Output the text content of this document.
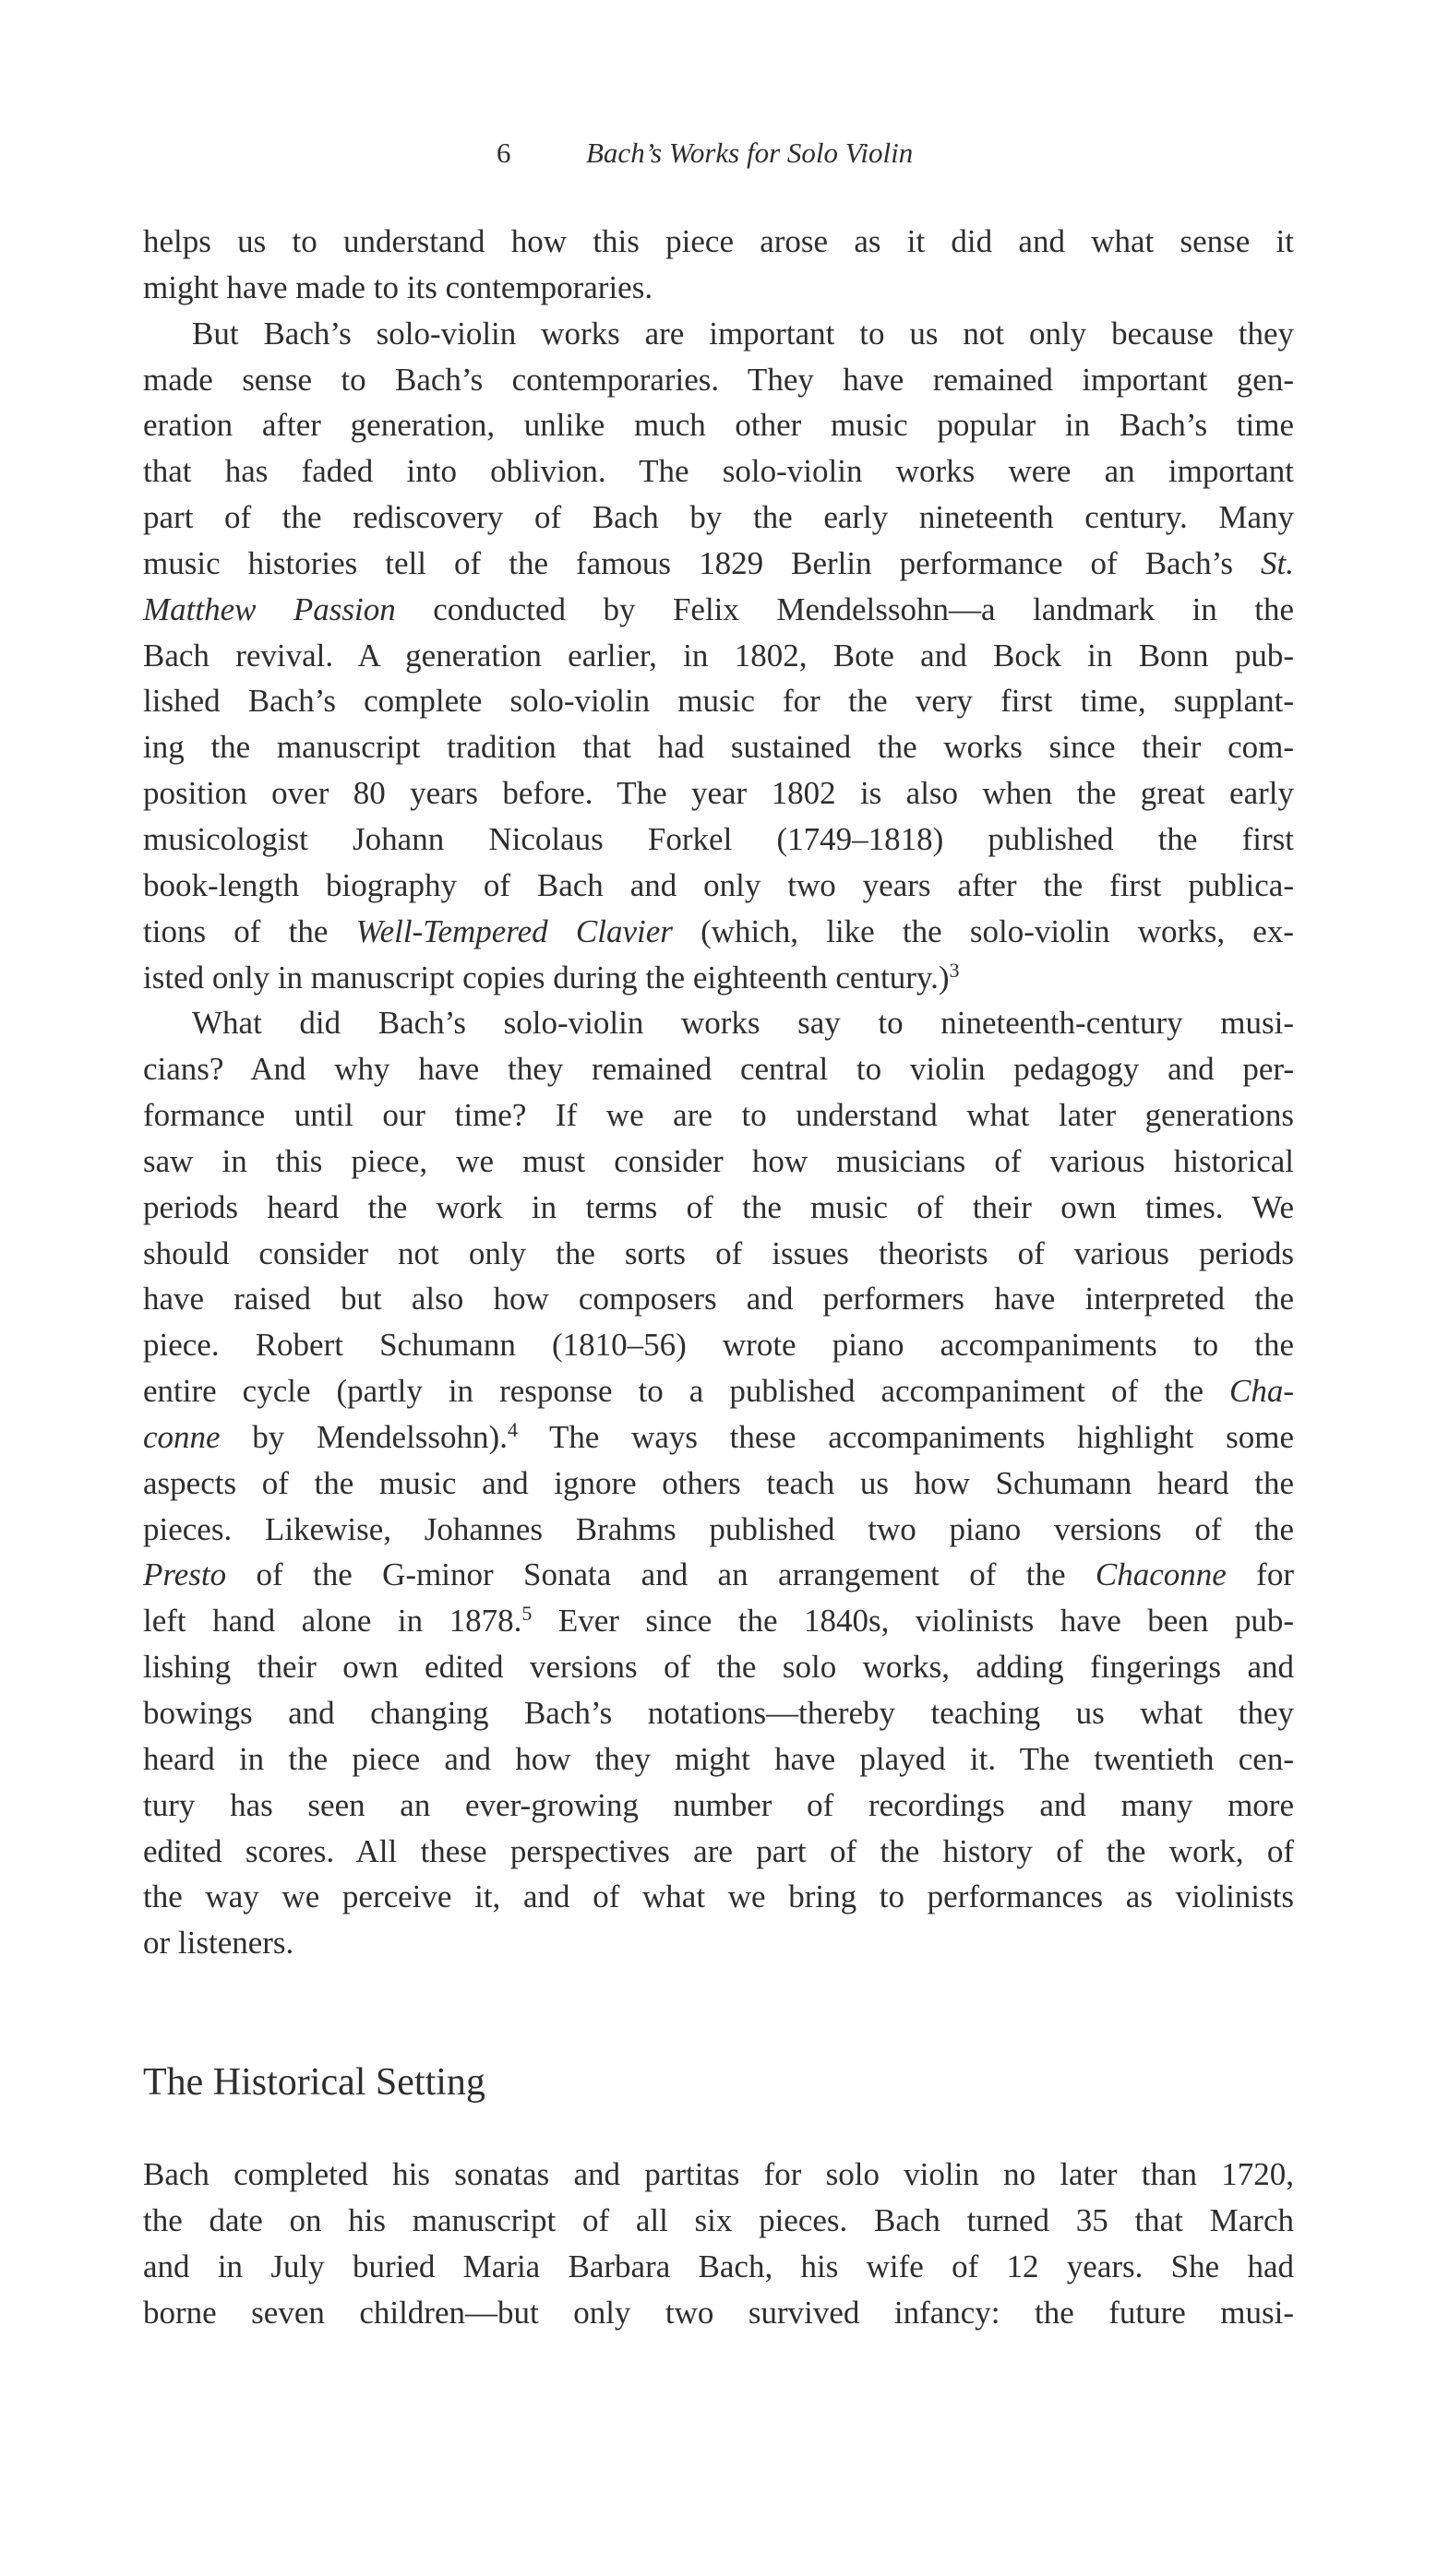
6	Bach’s Works for Solo Violin
helps us to understand how this piece arose as it did and what sense it
might have made to its contemporaries.
But Bach’s solo-violin works are important to us not only because they
made sense to Bach’s contemporaries. They have remained important gen-
eration after generation, unlike much other music popular in Bach’s time
that has faded into oblivion. The solo-violin works were an important
part of the rediscovery of Bach by the early nineteenth century. Many
music histories tell of the famous 1829 Berlin performance of Bach’s St.
Matthew Passion conducted by Felix Mendelssohn—a landmark in the
Bach revival. A generation earlier, in 1802, Bote and Bock in Bonn pub-
lished Bach’s complete solo-violin music for the very first time, supplant-
ing the manuscript tradition that had sustained the works since their com-
position over 80 years before. The year 1802 is also when the great early
musicologist Johann Nicolaus Forkel (1749–1818) published the first
book-length biography of Bach and only two years after the first publica-
tions of the Well-Tempered Clavier (which, like the solo-violin works, ex-
isted only in manuscript copies during the eighteenth century.)$^3$
What did Bach’s solo-violin works say to nineteenth-century musi-
cians? And why have they remained central to violin pedagogy and per-
formance until our time? If we are to understand what later generations
saw in this piece, we must consider how musicians of various historical
periods heard the work in terms of the music of their own times. We
should consider not only the sorts of issues theorists of various periods
have raised but also how composers and performers have interpreted the
piece. Robert Schumann (1810–56) wrote piano accompaniments to the
entire cycle (partly in response to a published accompaniment of the Cha-
conne by Mendelssohn).$^4$ The ways these accompaniments highlight some
aspects of the music and ignore others teach us how Schumann heard the
pieces. Likewise, Johannes Brahms published two piano versions of the
Presto of the G-minor Sonata and an arrangement of the Chaconne for
left hand alone in 1878.$^5$ Ever since the 1840s, violinists have been pub-
lishing their own edited versions of the solo works, adding fingerings and
bowings and changing Bach’s notations—thereby teaching us what they
heard in the piece and how they might have played it. The twentieth cen-
tury has seen an ever-growing number of recordings and many more
edited scores. All these perspectives are part of the history of the work, of
the way we perceive it, and of what we bring to performances as violinists
or listeners.
The Historical Setting
Bach completed his sonatas and partitas for solo violin no later than 1720,
the date on his manuscript of all six pieces. Bach turned 35 that March
and in July buried Maria Barbara Bach, his wife of 12 years. She had
borne seven children—but only two survived infancy: the future musi-
